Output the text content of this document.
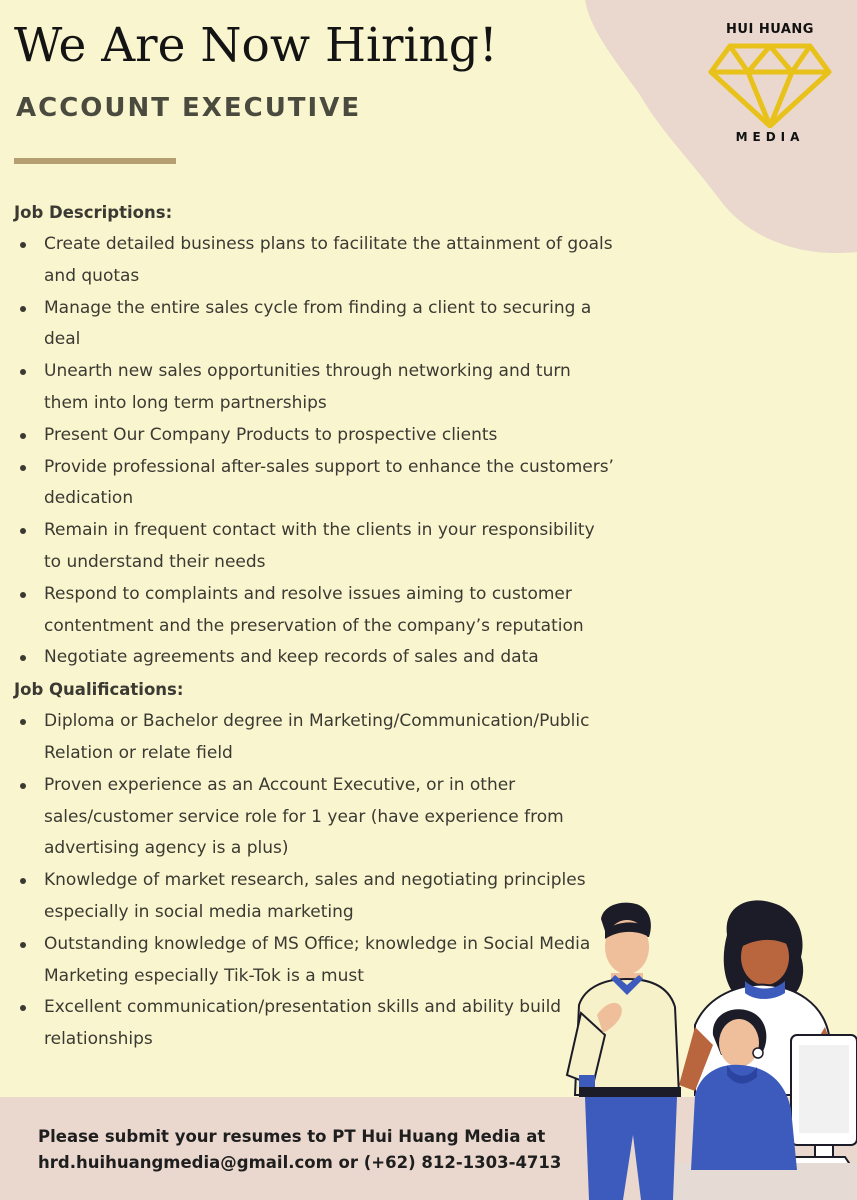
We Are Now Hiring!
ACCOUNT EXECUTIVE
HUI HUANG
MEDIA
Job Descriptions:
Create detailed business plans to facilitate the attainment of goals and quotas
Manage the entire sales cycle from finding a client to securing a deal
Unearth new sales opportunities through networking and turn them into long term partnerships
Present Our Company Products to prospective clients
Provide professional after-sales support to enhance the customers’ dedication
Remain in frequent contact with the clients in your responsibility to understand their needs
Respond to complaints and resolve issues aiming to customer contentment and the preservation of the company’s reputation
Negotiate agreements and keep records of sales and data
Job Qualifications:
Diploma or Bachelor degree in Marketing/Communication/Public Relation or relate field
Proven experience as an Account Executive, or in other sales/customer service role for 1 year (have experience from advertising agency is a plus)
Knowledge of market research, sales and negotiating principles especially in social media marketing
Outstanding knowledge of MS Office; knowledge in Social Media Marketing especially Tik-Tok is a must
Excellent communication/presentation skills and ability build relationships
Please submit your resumes to PT Hui Huang Media at
hrd.huihuangmedia@gmail.com or (+62) 812-1303-4713
